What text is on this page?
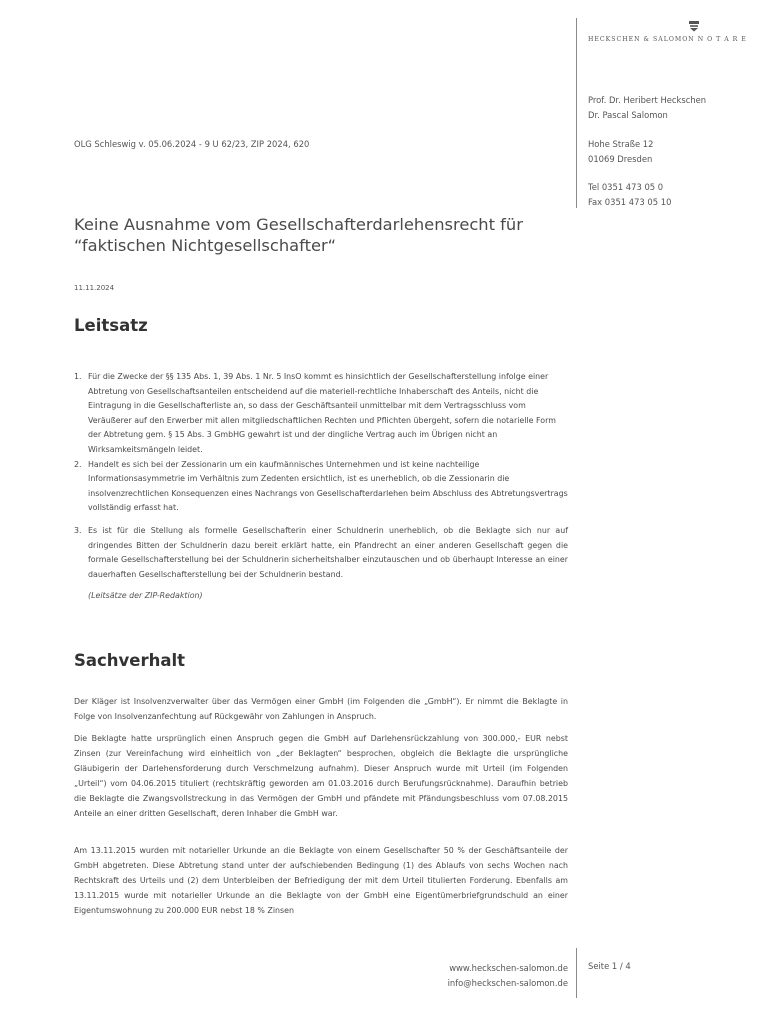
HECKSCHEN & SALOMON N O T A R E
Prof. Dr. Heribert Heckschen
Dr. Pascal Salomon
Hohe Straße 12
01069 Dresden
Tel 0351 473 05 0
Fax 0351 473 05 10
OLG Schleswig v. 05.06.2024 - 9 U 62/23, ZIP 2024, 620
Keine Ausnahme vom Gesellschafterdarlehensrecht für “faktischen Nichtgesellschafter“
11.11.2024
Leitsatz
1. Für die Zwecke der §§ 135 Abs. 1, 39 Abs. 1 Nr. 5 InsO kommt es hinsichtlich der Gesellschafterstellung infolge einer Abtretung von Gesellschaftsanteilen entscheidend auf die materiell-rechtliche Inhaberschaft des Anteils, nicht die Eintragung in die Gesellschafterliste an, so dass der Geschäftsanteil unmittelbar mit dem Vertragsschluss vom Veräußerer auf den Erwerber mit allen mitgliedschaftlichen Rechten und Pflichten übergeht, sofern die notarielle Form der Abtretung gem. § 15 Abs. 3 GmbHG gewahrt ist und der dingliche Vertrag auch im Übrigen nicht an Wirksamkeitsmängeln leidet.
2. Handelt es sich bei der Zessionarin um ein kaufmännisches Unternehmen und ist keine nachteilige Informationsasymmetrie im Verhältnis zum Zedenten ersichtlich, ist es unerheblich, ob die Zessionarin die insolvenzrechtlichen Konsequenzen eines Nachrangs von Gesellschafterdarlehen beim Abschluss des Abtretungsvertrags vollständig erfasst hat.
3. Es ist für die Stellung als formelle Gesellschafterin einer Schuldnerin unerheblich, ob die Beklagte sich nur auf dringendes Bitten der Schuldnerin dazu bereit erklärt hatte, ein Pfandrecht an einer anderen Gesellschaft gegen die formale Gesellschafterstellung bei der Schuldnerin sicherheitshalber einzutauschen und ob überhaupt Interesse an einer dauerhaften Gesellschafterstellung bei der Schuldnerin bestand.
(Leitsätze der ZIP-Redaktion)
Sachverhalt

Der Kläger ist Insolvenzverwalter über das Vermögen einer GmbH (im Folgenden die „GmbH“). Er nimmt die Beklagte in Folge von Insolvenzanfechtung auf Rückgewähr von Zahlungen in Anspruch.

Die Beklagte hatte ursprünglich einen Anspruch gegen die GmbH auf Darlehensrückzahlung von 300.000,- EUR nebst Zinsen (zur Vereinfachung wird einheitlich von „der Beklagten“ besprochen, obgleich die Beklagte die ursprüngliche Gläubigerin der Darlehensforderung durch Verschmelzung aufnahm). Dieser Anspruch wurde mit Urteil (im Folgenden „Urteil“) vom 04.06.2015 tituliert (rechtskräftig geworden am 01.03.2016 durch Berufungsrücknahme). Daraufhin betrieb die Beklagte die Zwangsvollstreckung in das Vermögen der GmbH und pfändete mit Pfändungsbeschluss vom 07.08.2015 Anteile an einer dritten Gesellschaft, deren Inhaber die GmbH war.

Am 13.11.2015 wurden mit notarieller Urkunde an die Beklagte von einem Gesellschafter 50 % der Geschäftsanteile der GmbH abgetreten. Diese Abtretung stand unter der aufschiebenden Bedingung (1) des Ablaufs von sechs Wochen nach Rechtskraft des Urteils und (2) dem Unterbleiben der Befriedigung der mit dem Urteil titulierten Forderung. Ebenfalls am 13.11.2015 wurde mit notarieller Urkunde an die Beklagte von der GmbH eine Eigentümerbriefgrundschuld an einer Eigentumswohnung zu 200.000 EUR nebst 18 % Zinsen

www.heckschen-salomon.de
info@heckschen-salomon.de
Seite 1 / 4
